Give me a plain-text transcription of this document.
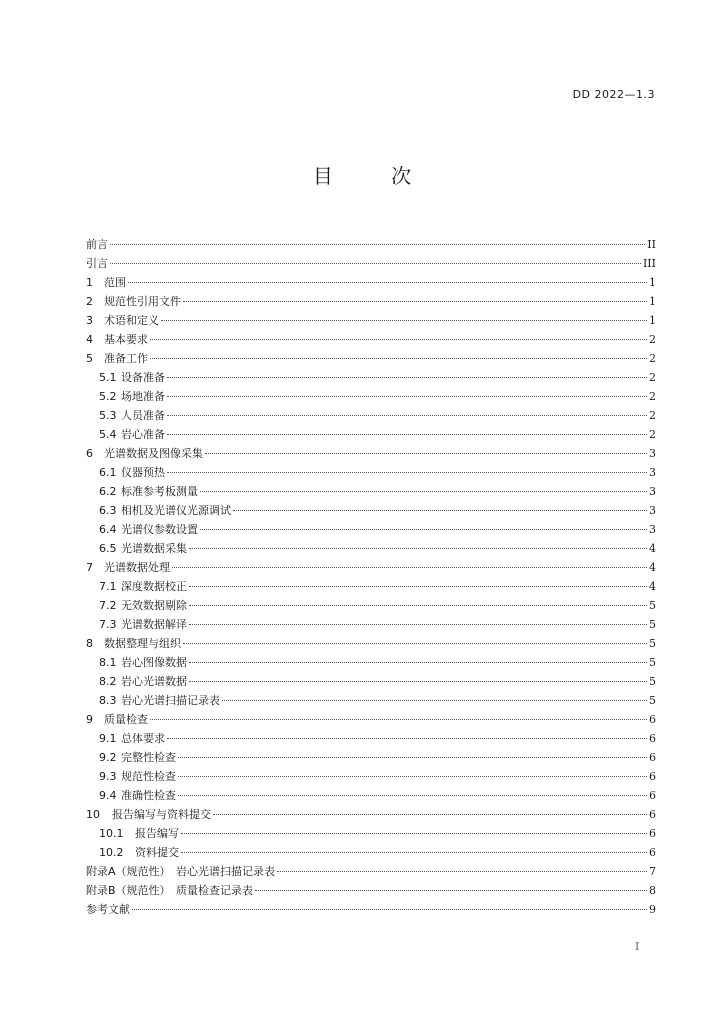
DD 2022—1.3
目 次
前言	II
引言	III
1	范围	1
2	规范性引用文件	1
3	术语和定义	1
4	基本要求	2
5	准备工作	2
5.1 设备准备	2
5.2 场地准备	2
5.3 人员准备	2
5.4 岩心准备	2
6	光谱数据及图像采集	3
6.1 仪器预热	3
6.2 标准参考板测量	3
6.3 相机及光谱仪光源调试	3
6.4 光谱仪参数设置	3
6.5 光谱数据采集	4
7	光谱数据处理	4
7.1 深度数据校正	4
7.2 无效数据剔除	5
7.3 光谱数据解译	5
8	数据整理与组织	5
8.1 岩心图像数据	5
8.2 岩心光谱数据	5
8.3 岩心光谱扫描记录表	5
9	质量检查	6
9.1 总体要求	6
9.2 完整性检查	6
9.3 规范性检查	6
9.4 准确性检查	6
10	报告编写与资料提交	6
10.1	报告编写	6
10.2	资料提交	6
附录A（规范性）　岩心光谱扫描记录表	7
附录B（规范性）　质量检查记录表	8
参考文献	9
I
